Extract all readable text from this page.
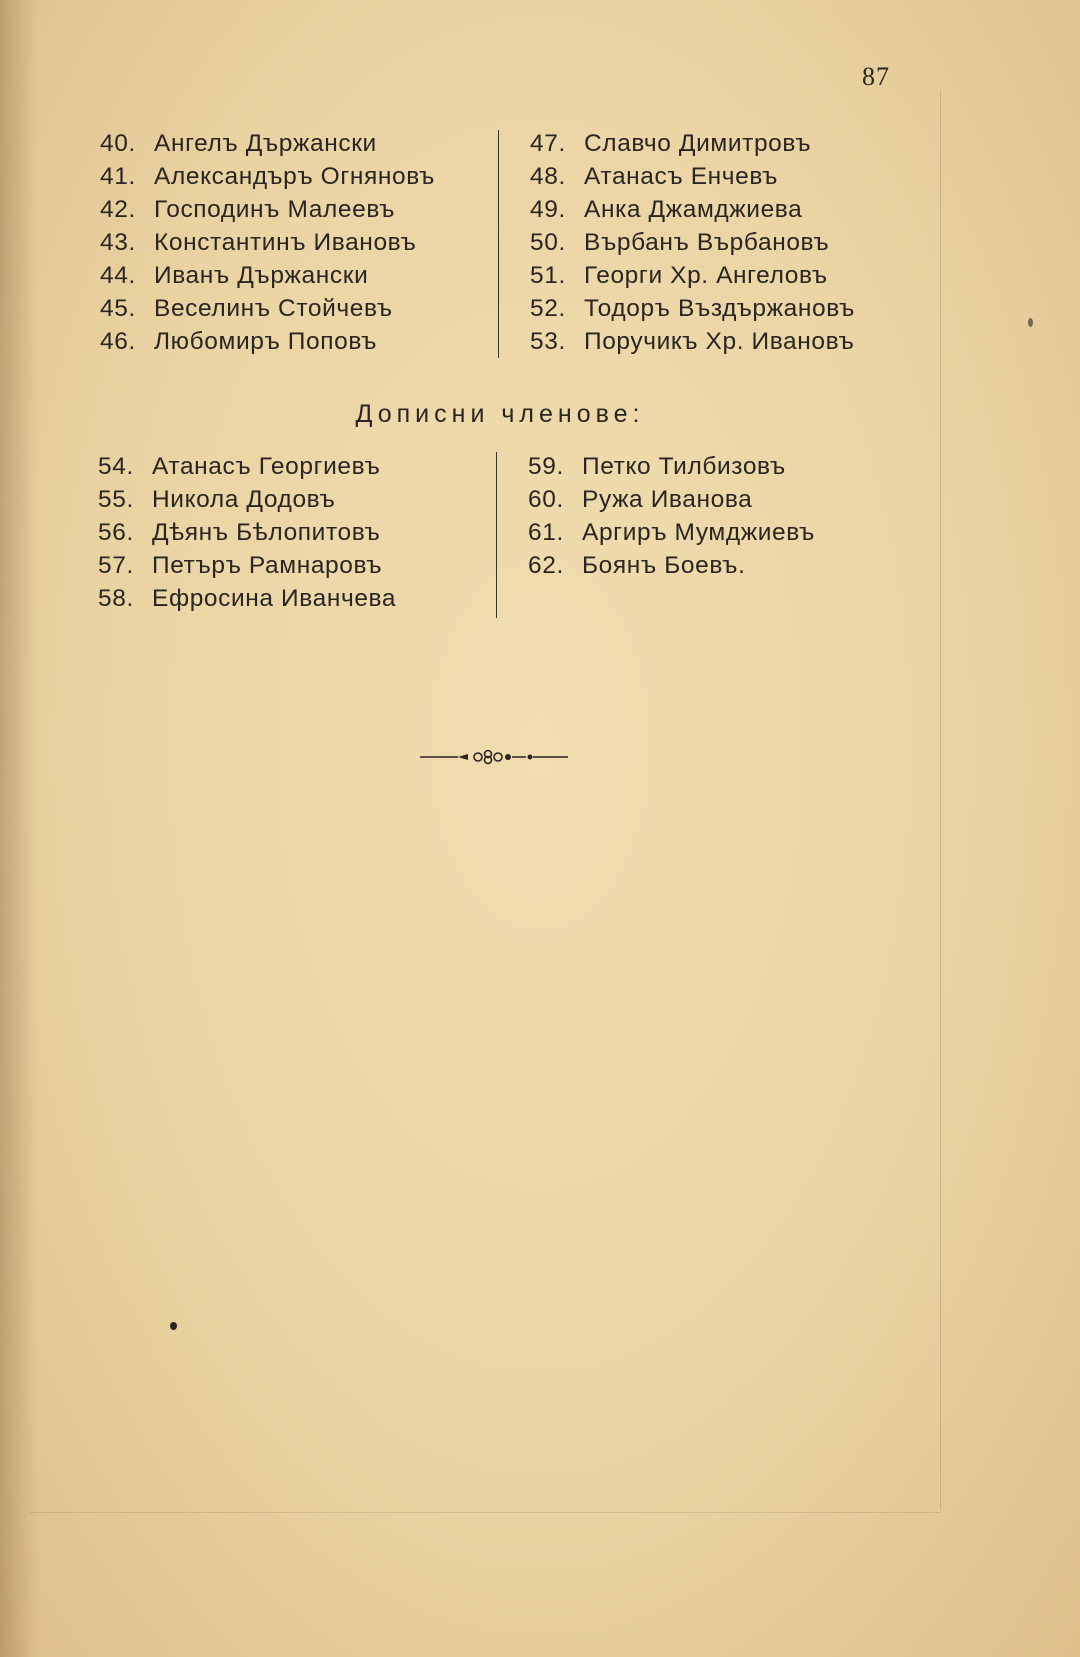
87
40. Ангелъ Държански
41. Александъръ Огняновъ
42. Господинъ Малеевъ
43. Константинъ Ивановъ
44. Иванъ Държански
45. Веселинъ Стойчевъ
46. Любомиръ Поповъ
47. Славчо Димитровъ
48. Атанасъ Енчевъ
49. Анка Джамджиева
50. Върбанъ Върбановъ
51. Георги Хр. Ангеловъ
52. Тодоръ Въздържановъ
53. Поручикъ Хр. Ивановъ
Дописни членове:
54. Атанасъ Георгиевъ
55. Никола Додовъ
56. Дѣянъ Бѣлопитовъ
57. Петъръ Рамнаровъ
58. Ефросина Иванчева
59. Петко Тилбизовъ
60. Ружа Иванова
61. Аргиръ Мумджиевъ
62. Боянъ Боевъ.
